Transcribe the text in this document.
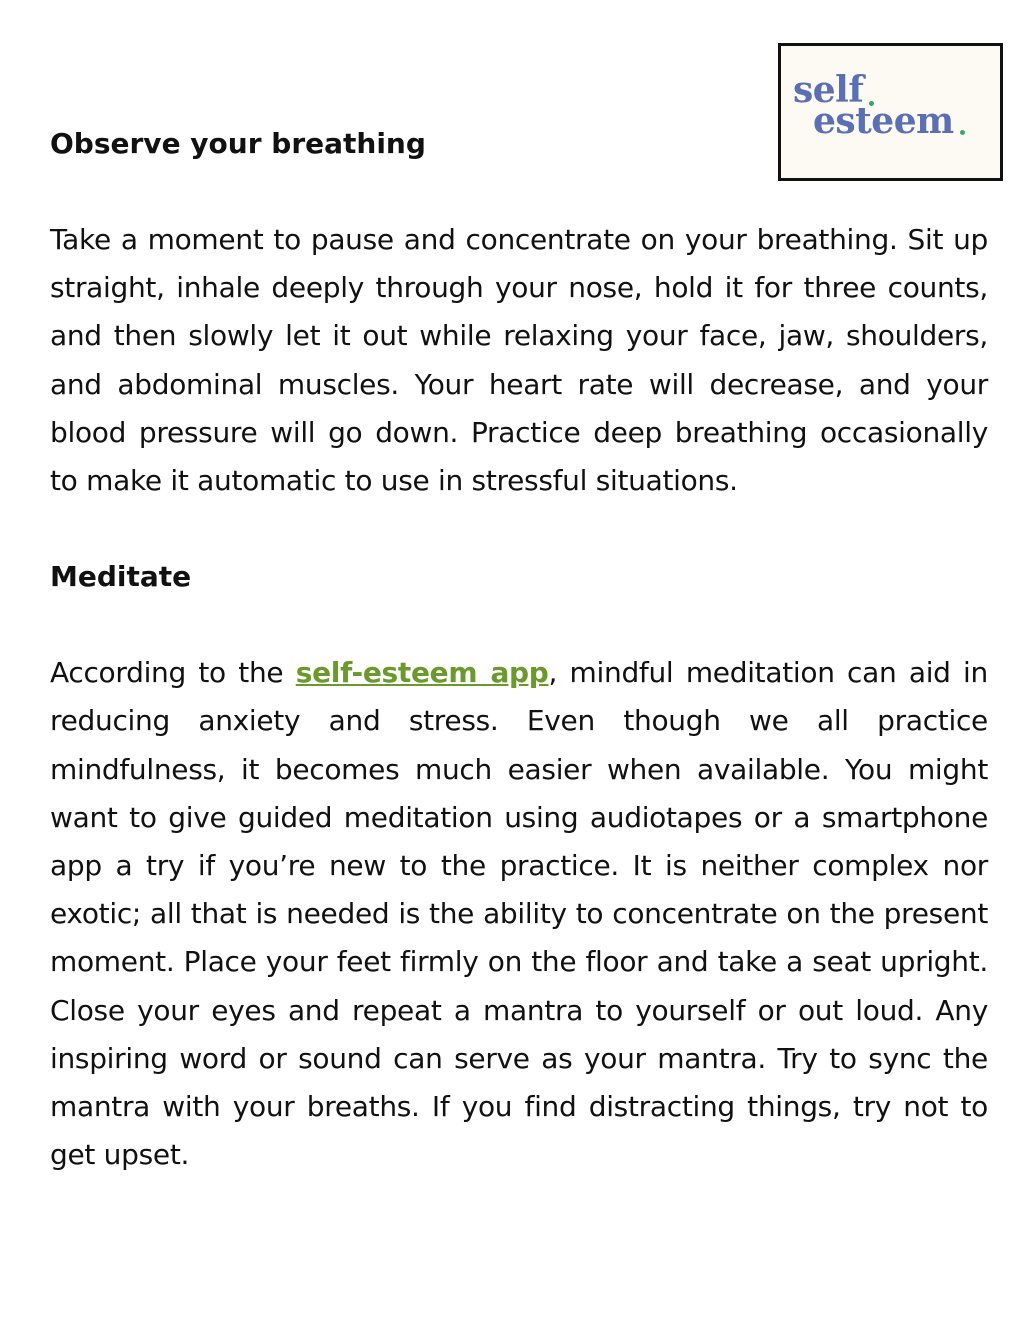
self
esteem
Observe your breathing

Take a moment to pause and concentrate on your breathing. Sit up straight, inhale deeply through your nose, hold it for three counts, and then slowly let it out while relaxing your face, jaw, shoulders, and abdominal muscles. Your heart rate will decrease, and your blood pressure will go down. Practice deep breathing occasionally to make it automatic to use in stressful situations.

Meditate

According to the self-esteem app, mindful meditation can aid in reducing anxiety and stress. Even though we all practice mindfulness, it becomes much easier when available. You might want to give guided meditation using audiotapes or a smartphone app a try if you’re new to the practice. It is neither complex nor exotic; all that is needed is the ability to concentrate on the present moment. Place your feet firmly on the floor and take a seat upright. Close your eyes and repeat a mantra to yourself or out loud. Any inspiring word or sound can serve as your mantra. Try to sync the mantra with your breaths. If you find distracting things, try not to get upset.
